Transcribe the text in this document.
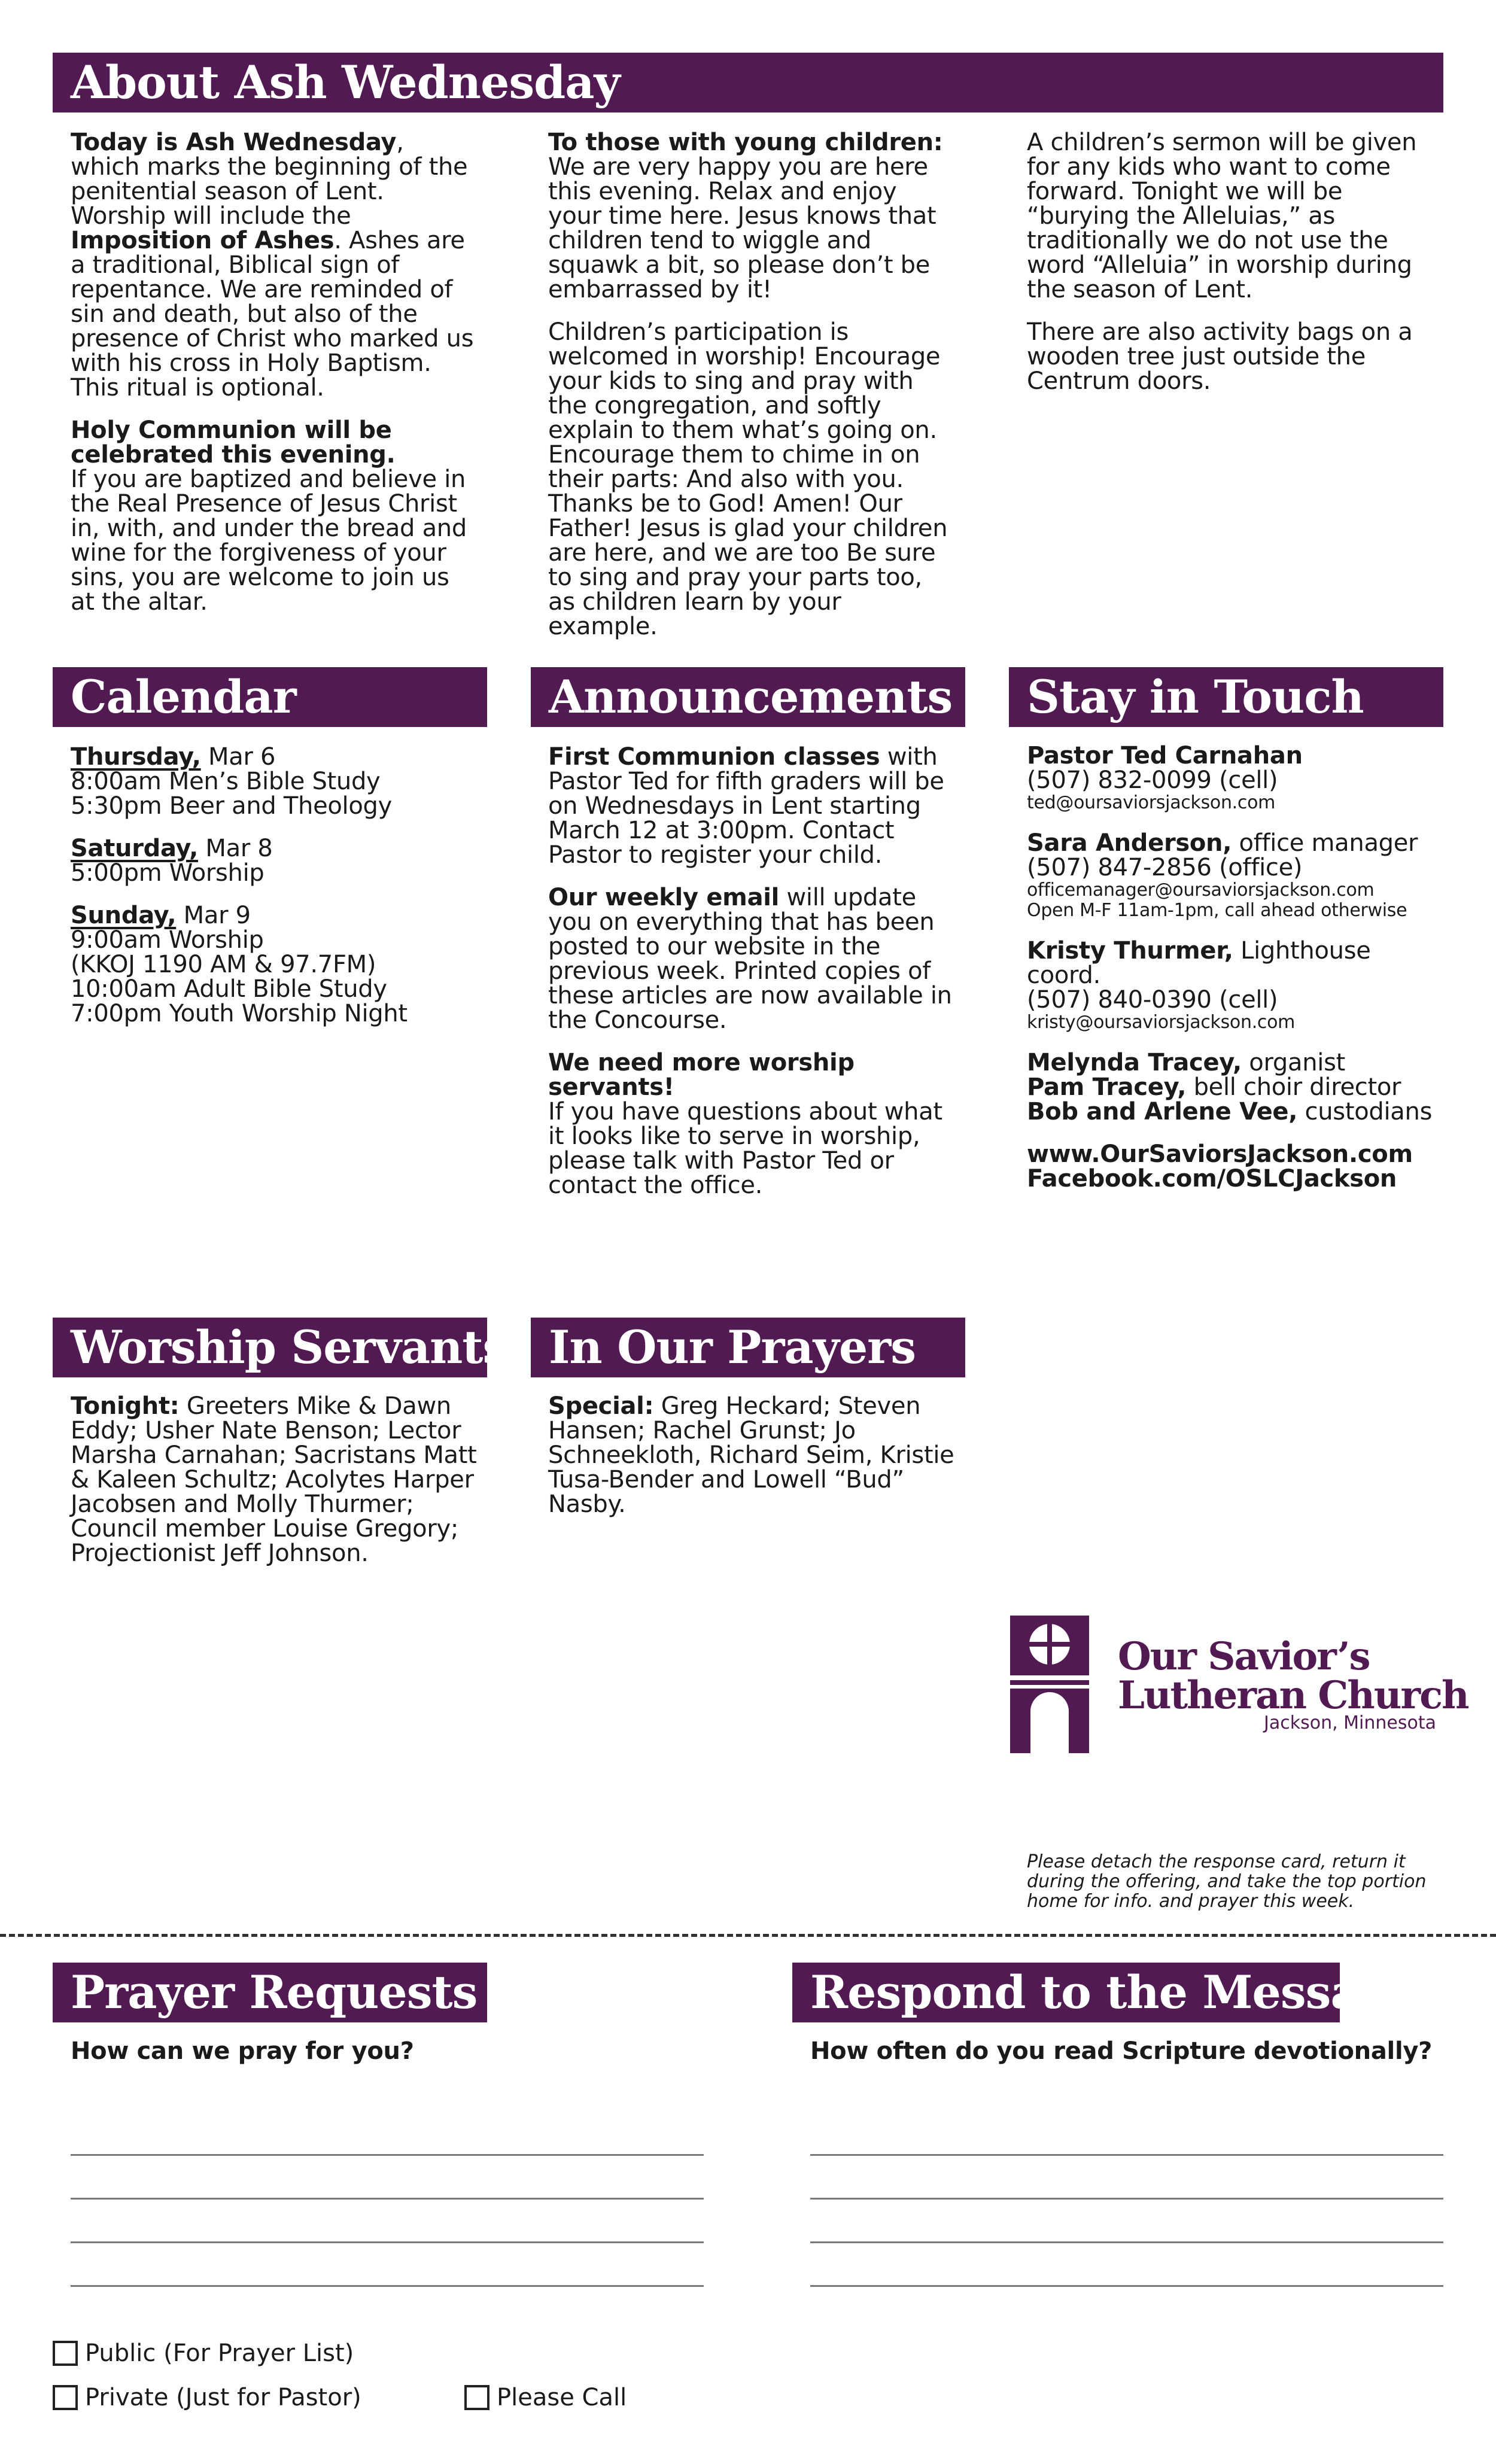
About Ash Wednesday

Today is Ash Wednesday, which marks the beginning of the penitential season of Lent. Worship will include the Imposition of Ashes. Ashes are a traditional, Biblical sign of repentance. We are reminded of sin and death, but also of the presence of Christ who marked us with his cross in Holy Baptism. This ritual is optional.

Holy Communion will be celebrated this evening.
If you are baptized and believe in the Real Presence of Jesus Christ in, with, and under the bread and wine for the forgiveness of your sins, you are welcome to join us at the altar.

To those with young children: We are very happy you are here this evening. Relax and enjoy your time here. Jesus knows that children tend to wiggle and squawk a bit, so please don’t be embarrassed by it!

Children’s participation is welcomed in worship! Encourage your kids to sing and pray with the congregation, and softly explain to them what’s going on. Encourage them to chime in on their parts: And also with you. Thanks be to God! Amen! Our Father! Jesus is glad your children are here, and we are too Be sure to sing and pray your parts too, as children learn by your example.

A children’s sermon will be given for any kids who want to come forward. Tonight we will be “burying the Alleluias,” as traditionally we do not use the word “Alleluia” in worship during the season of Lent.

There are also activity bags on a wooden tree just outside the Centrum doors.

Calendar

Thursday, Mar 6
8:00am Men’s Bible Study
5:30pm Beer and Theology

Saturday, Mar 8
5:00pm Worship

Sunday, Mar 9
9:00am Worship
(KKOJ 1190 AM & 97.7FM)
10:00am Adult Bible Study
7:00pm Youth Worship Night

Announcements

First Communion classes with Pastor Ted for fifth graders will be on Wednesdays in Lent starting March 12 at 3:00pm. Contact Pastor to register your child.

Our weekly email will update you on everything that has been posted to our website in the previous week. Printed copies of these articles are now available in the Concourse.

We need more worship servants!
If you have questions about what it looks like to serve in worship, please talk with Pastor Ted or contact the office.

Stay in Touch

Pastor Ted Carnahan
(507) 832-0099 (cell)
ted@oursaviorsjackson.com

Sara Anderson, office manager
(507) 847-2856 (office)
officemanager@oursaviorsjackson.com
Open M-F 11am-1pm, call ahead otherwise

Kristy Thurmer, Lighthouse coord.
(507) 840-0390 (cell)
kristy@oursaviorsjackson.com

Melynda Tracey, organist
Pam Tracey, bell choir director
Bob and Arlene Vee, custodians

www.OurSaviorsJackson.com
Facebook.com/OSLCJackson

Worship Servants
Tonight: Greeters Mike & Dawn Eddy; Usher Nate Benson; Lector Marsha Carnahan; Sacristans Matt & Kaleen Schultz; Acolytes Harper Jacobsen and Molly Thurmer; Council member Louise Gregory; Projectionist Jeff Johnson.
In Our Prayers
Special: Greg Heckard; Steven Hansen; Rachel Grunst; Jo Schneekloth, Richard Seim, Kristie Tusa-Bender and Lowell “Bud” Nasby.
Our Savior’s
Lutheran Church
Jackson, Minnesota
Please detach the response card, return it during the offering, and take the top portion home for info. and prayer this week.
Prayer Requests
How can we pray for you?
Public (For Prayer List)
Private (Just for Pastor)	Please Call
Respond to the Message
How often do you read Scripture devotionally?
